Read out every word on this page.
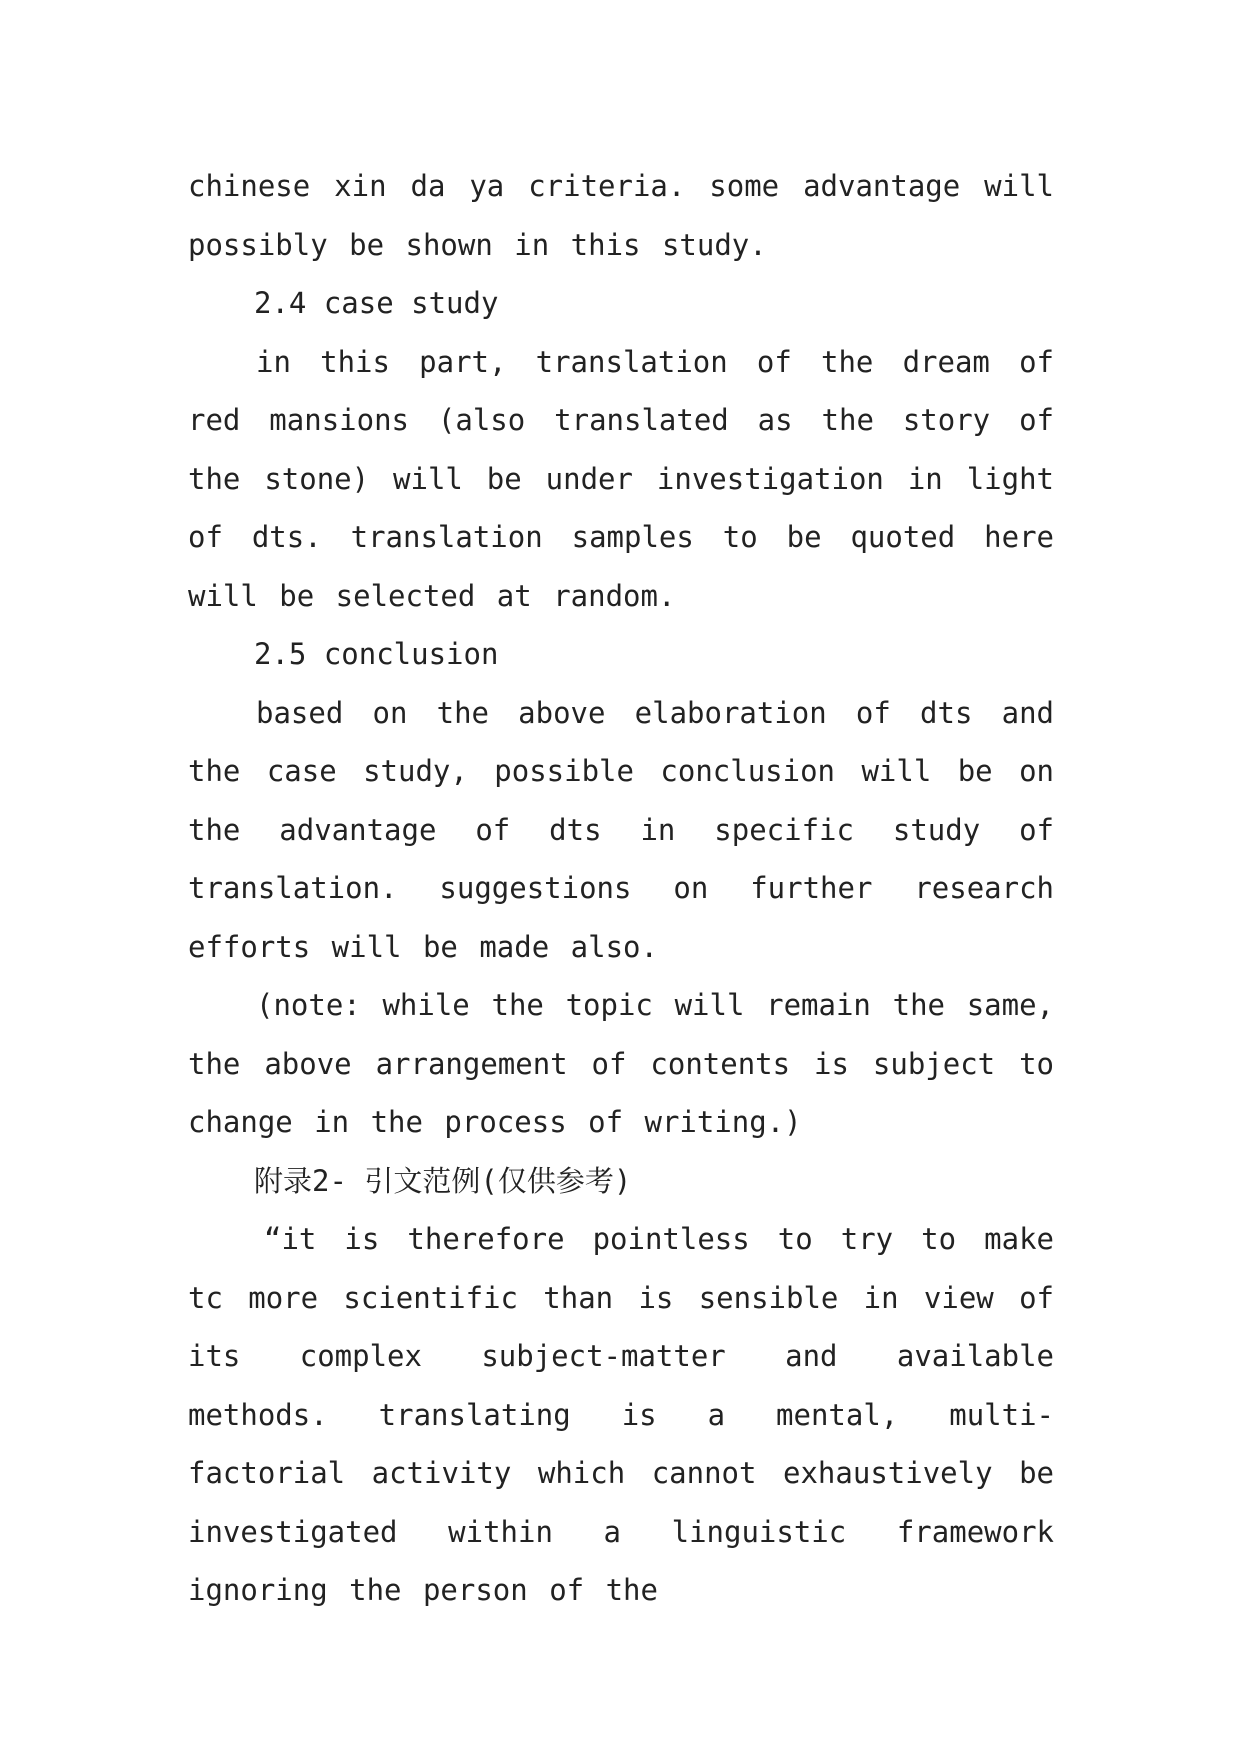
chinese xin da ya criteria. some advantage will possibly be shown in this study.

2.4 case study

in this part, translation of the dream of red mansions (also translated as the story of the stone) will be under investigation in light of dts. translation samples to be quoted here will be selected at random.

2.5 conclusion

based on the above elaboration of dts and the case study, possible conclusion will be on the advantage of dts in specific study of translation. suggestions on further research efforts will be made also.

(note: while the topic will remain the same, the above arrangement of contents is subject to change in the process of writing.)

附录2- 引文范例(仅供参考)

“it is therefore pointless to try to make tc more scientific than is sensible in view of its complex subject-matter and available methods. translating is a mental, multi-factorial activity which cannot exhaustively be investigated within a linguistic framework ignoring the person of the
